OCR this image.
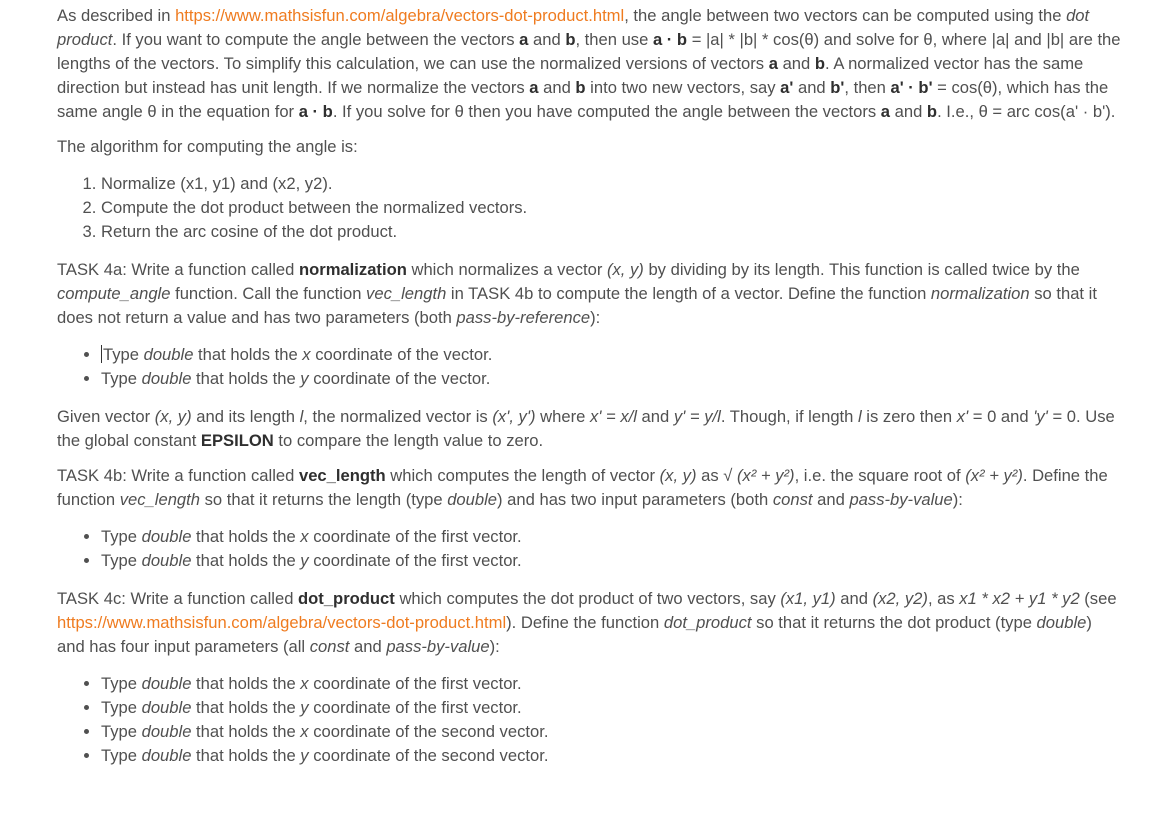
As described in https://www.mathsisfun.com/algebra/vectors-dot-product.html, the angle between two vectors can be computed using the dot product. If you want to compute the angle between the vectors a and b, then use a · b = |a| * |b| * cos(θ) and solve for θ, where |a| and |b| are the lengths of the vectors. To simplify this calculation, we can use the normalized versions of vectors a and b. A normalized vector has the same direction but instead has unit length. If we normalize the vectors a and b into two new vectors, say a' and b', then a' · b' = cos(θ), which has the same angle θ in the equation for a · b. If you solve for θ then you have computed the angle between the vectors a and b. I.e., θ = arc cos(a' · b').

The algorithm for computing the angle is:

1. Normalize (x1, y1) and (x2, y2).
2. Compute the dot product between the normalized vectors.
3. Return the arc cosine of the dot product.

TASK 4a: Write a function called normalization which normalizes a vector (x, y) by dividing by its length. This function is called twice by the compute_angle function. Call the function vec_length in TASK 4b to compute the length of a vector. Define the function normalization so that it does not return a value and has two parameters (both pass-by-reference):

• Type double that holds the x coordinate of the vector.
• Type double that holds the y coordinate of the vector.

Given vector (x, y) and its length l, the normalized vector is (x', y') where x' = x/l and y' = y/l. Though, if length l is zero then x' = 0 and 'y' = 0. Use the global constant EPSILON to compare the length value to zero.

TASK 4b: Write a function called vec_length which computes the length of vector (x, y) as √ (x² + y²), i.e. the square root of (x² + y²). Define the function vec_length so that it returns the length (type double) and has two input parameters (both const and pass-by-value):

• Type double that holds the x coordinate of the first vector.
• Type double that holds the y coordinate of the first vector.

TASK 4c: Write a function called dot_product which computes the dot product of two vectors, say (x1, y1) and (x2, y2), as x1 * x2 + y1 * y2 (see https://www.mathsisfun.com/algebra/vectors-dot-product.html). Define the function dot_product so that it returns the dot product (type double) and has four input parameters (all const and pass-by-value):

• Type double that holds the x coordinate of the first vector.
• Type double that holds the y coordinate of the first vector.
• Type double that holds the x coordinate of the second vector.
• Type double that holds the y coordinate of the second vector.
